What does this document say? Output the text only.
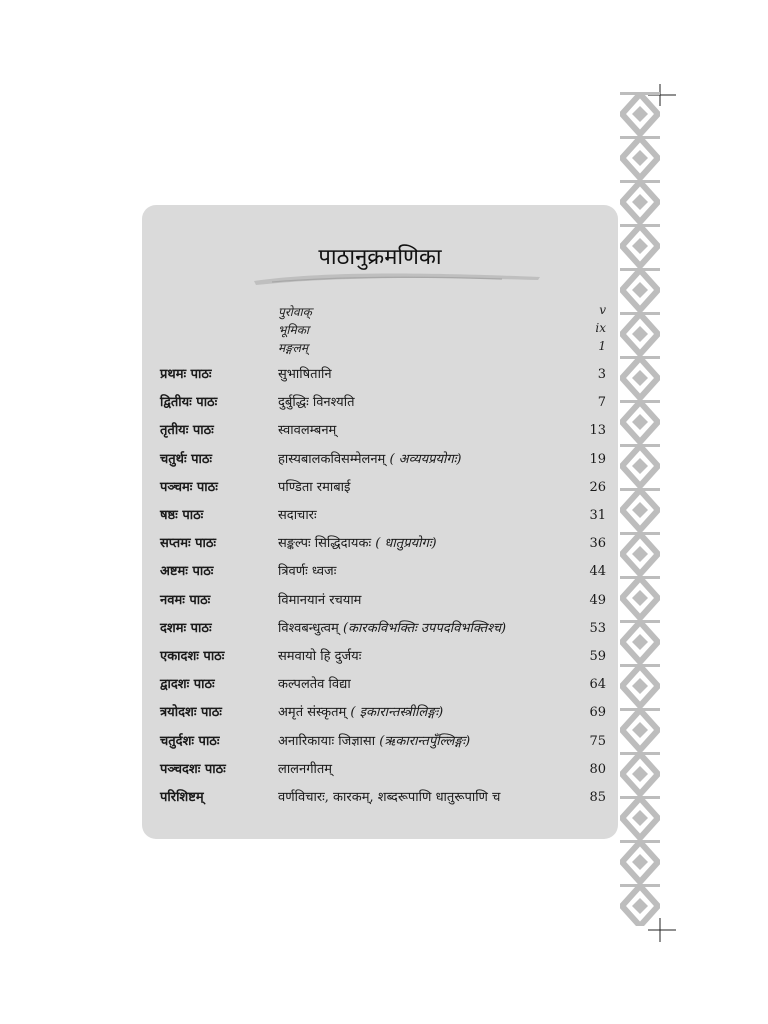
पाठानुक्रमणिका
पुरोवाक्	v
भूमिका	ix
मङ्गलम्	1
प्रथमः पाठः	सुभाषितानि	3
द्वितीयः पाठः	दुर्बुद्धिः विनश्यति	7
तृतीयः पाठः	स्वावलम्बनम्	13
चतुर्थः पाठः	हास्यबालकविसम्मेलनम् ( अव्ययप्रयोगः)	19
पञ्चमः पाठः	पण्डिता रमाबाई	26
षष्ठः पाठः	सदाचारः	31
सप्तमः पाठः	सङ्कल्पः सिद्धिदायकः ( धातुप्रयोगः)	36
अष्टमः पाठः	त्रिवर्णः ध्वजः	44
नवमः पाठः	विमानयानं रचयाम	49
दशमः पाठः	विश्वबन्धुत्वम् (कारकविभक्तिः उपपदविभक्तिश्च)	53
एकादशः पाठः	समवायो हि दुर्जयः	59
द्वादशः पाठः	कल्पलतेव विद्या	64
त्रयोदशः पाठः	अमृतं संस्कृतम् ( इकारान्तस्त्रीलिङ्गः)	69
चतुर्दशः पाठः	अनारिकायाः जिज्ञासा (ऋकारान्तपुँल्लिङ्गः)	75
पञ्चदशः पाठः	लालनगीतम्	80
परिशिष्टम्	वर्णविचारः, कारकम्, शब्दरूपाणि धातुरूपाणि च	85
